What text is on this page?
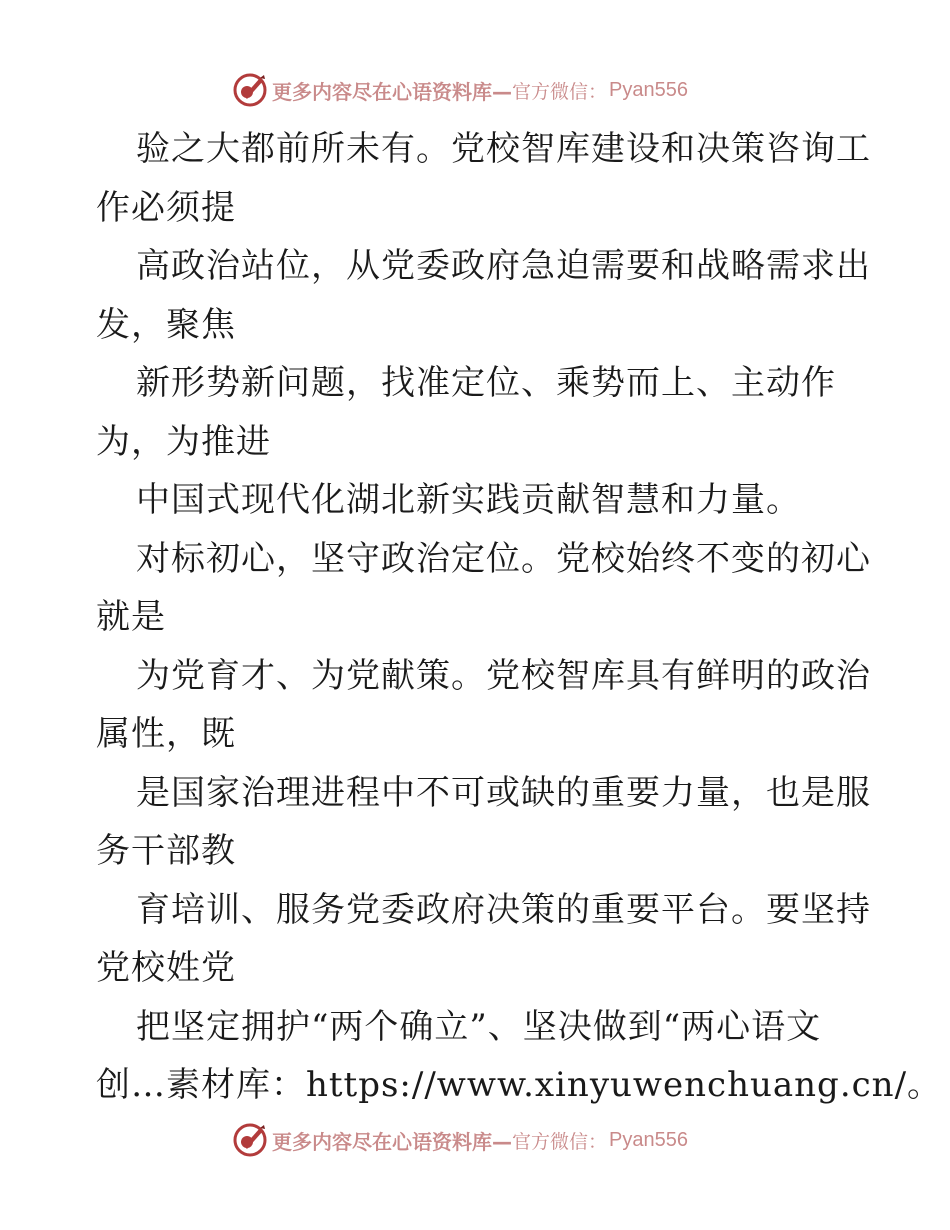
更多内容尽在心语资料库— 官方微信： Pyan556
验之大都前所未有。党校智库建设和决策咨询工
作必须提
高政治站位，从党委政府急迫需要和战略需求出
发，聚焦
新形势新问题，找准定位、乘势而上、主动作
为，为推进
中国式现代化湖北新实践贡献智慧和力量。
对标初心，坚守政治定位。党校始终不变的初心
就是
为党育才、为党献策。党校智库具有鲜明的政治
属性，既
是国家治理进程中不可或缺的重要力量，也是服
务干部教
育培训、服务党委政府决策的重要平台。要坚持
党校姓党
把坚定拥护“两个确立”、坚决做到“两心语文
创…素材库：https://www.xinyuwenchuang.cn/。
更多内容尽在心语资料库— 官方微信： Pyan556
